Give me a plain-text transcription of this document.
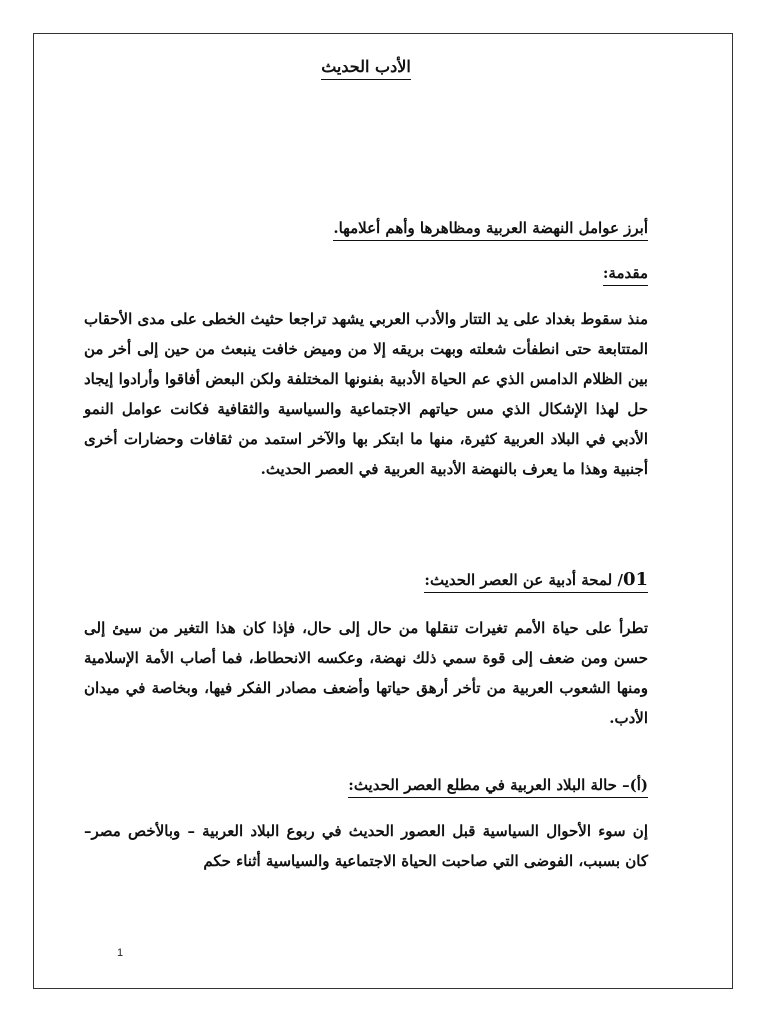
الأدب الحديث
أبرز عوامل النهضة العربية ومظاهرها وأهم أعلامها.
مقدمة:
منذ سقوط بغداد على يد التتار والأدب العربي يشهد تراجعا حثيث الخطى على مدى الأحقاب المتتابعة حتى انطفأت شعلته وبهت بريقه إلا من وميض خافت ينبعث من حين إلى أخر من بين الظلام الدامس الذي عم الحياة الأدبية بفنونها المختلفة ولكن البعض أفاقوا وأرادوا إيجاد حل لهذا الإشكال الذي مس حياتهم الاجتماعية والسياسية والثقافية فكانت عوامل النمو الأدبي في البلاد العربية كثيرة، منها ما ابتكر بها والآخر استمد من ثقافات وحضارات أخرى أجنبية وهذا ما يعرف بالنهضة الأدبية العربية في العصر الحديث.
01/ لمحة أدبية عن العصر الحديث:
تطرأ على حياة الأمم تغيرات تنقلها من حال إلى حال، فإذا كان هذا التغير من سيئ إلى حسن ومن ضعف إلى قوة سمي ذلك نهضة، وعكسه الانحطاط، فما أصاب الأمة الإسلامية ومنها الشعوب العربية من تأخر أرهق حياتها وأضعف مصادر الفكر فيها، وبخاصة في ميدان الأدب.
(أ)– حالة البلاد العربية في مطلع العصر الحديث:
إن سوء الأحوال السياسية قبل العصور الحديث في ربوع البلاد العربية – وبالأخص مصر– كان بسبب، الفوضى التي صاحبت الحياة الاجتماعية والسياسية أثناء حكم
1
